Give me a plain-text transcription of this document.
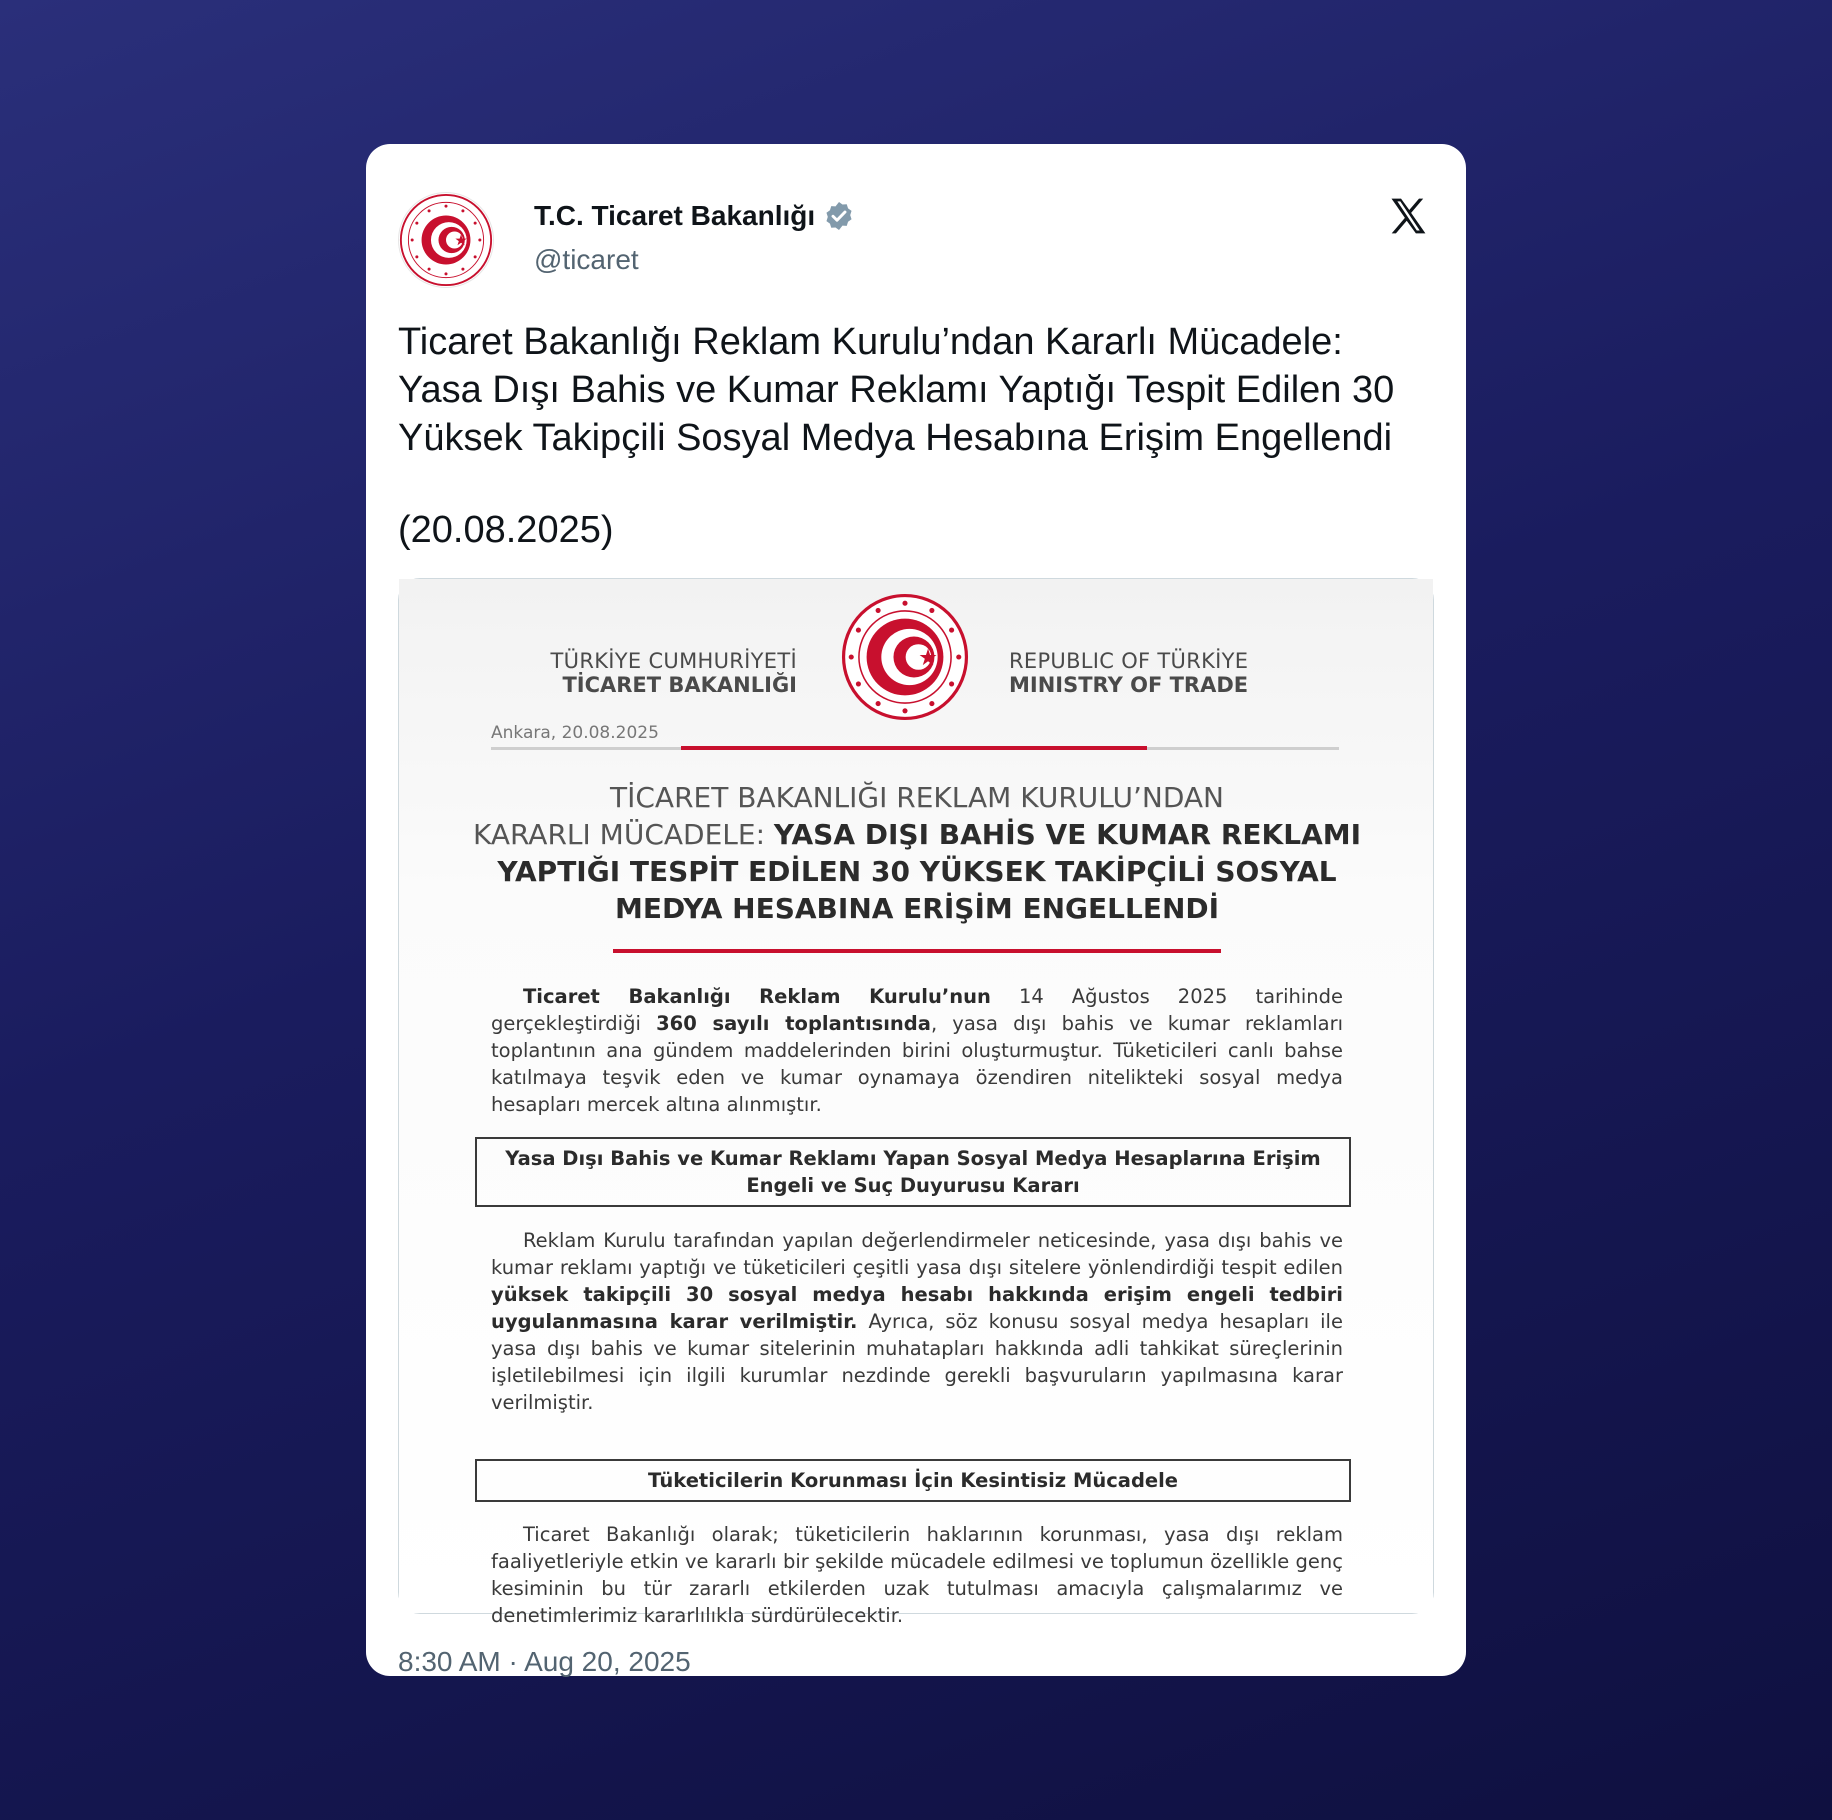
T.C. Ticaret Bakanlığı
@ticaret
Ticaret Bakanlığı Reklam Kurulu’ndan Kararlı Mücadele:
Yasa Dışı Bahis ve Kumar Reklamı Yaptığı Tespit Edilen 30 Yüksek Takipçili Sosyal Medya Hesabına Erişim Engellendi
(20.08.2025)
TÜRKİYE CUMHURİYETİ
TİCARET BAKANLIĞI
REPUBLIC OF TÜRKİYE
MINISTRY OF TRADE
Ankara, 20.08.2025
TİCARET BAKANLIĞI REKLAM KURULU’NDAN
KARARLI MÜCADELE: YASA DIŞI BAHİS VE KUMAR REKLAMI YAPTIĞI TESPİT EDİLEN 30 YÜKSEK TAKİPÇİLİ SOSYAL MEDYA HESABINA ERİŞİM ENGELLENDİ
Ticaret Bakanlığı Reklam Kurulu’nun 14 Ağustos 2025 tarihinde gerçekleştirdiği 360 sayılı toplantısında, yasa dışı bahis ve kumar reklamları toplantının ana gündem maddelerinden birini oluşturmuştur. Tüketicileri canlı bahse katılmaya teşvik eden ve kumar oynamaya özendiren nitelikteki sosyal medya hesapları mercek altına alınmıştır.
Yasa Dışı Bahis ve Kumar Reklamı Yapan Sosyal Medya Hesaplarına Erişim Engeli ve Suç Duyurusu Kararı
Reklam Kurulu tarafından yapılan değerlendirmeler neticesinde, yasa dışı bahis ve kumar reklamı yaptığı ve tüketicileri çeşitli yasa dışı sitelere yönlendirdiği tespit edilen yüksek takipçili 30 sosyal medya hesabı hakkında erişim engeli tedbiri uygulanmasına karar verilmiştir. Ayrıca, söz konusu sosyal medya hesapları ile yasa dışı bahis ve kumar sitelerinin muhatapları hakkında adli tahkikat süreçlerinin işletilebilmesi için ilgili kurumlar nezdinde gerekli başvuruların yapılmasına karar verilmiştir.
Tüketicilerin Korunması İçin Kesintisiz Mücadele
Ticaret Bakanlığı olarak; tüketicilerin haklarının korunması, yasa dışı reklam faaliyetleriyle etkin ve kararlı bir şekilde mücadele edilmesi ve toplumun özellikle genç kesiminin bu tür zararlı etkilerden uzak tutulması amacıyla çalışmalarımız ve denetimlerimiz kararlılıkla sürdürülecektir.
8:30 AM · Aug 20, 2025
